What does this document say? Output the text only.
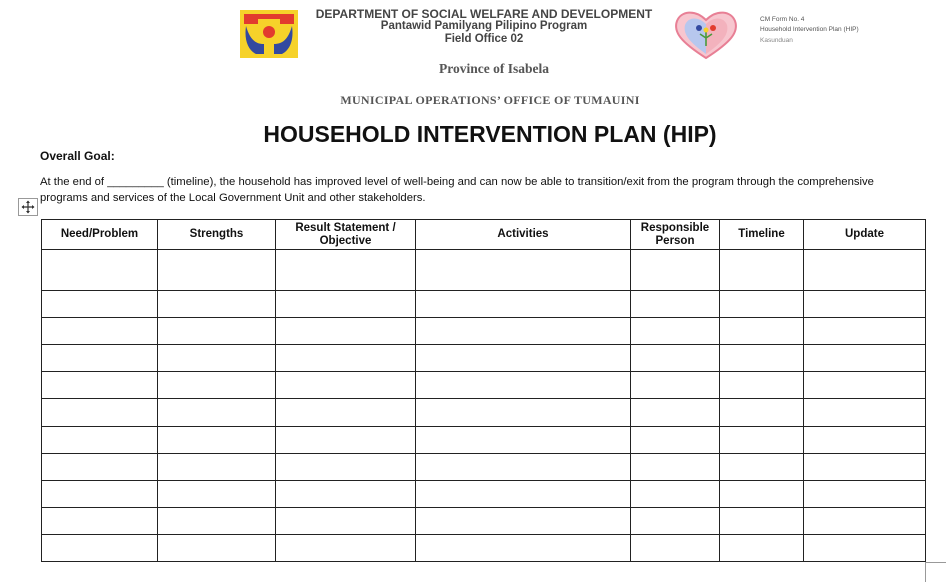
DEPARTMENT OF SOCIAL WELFARE AND DEVELOPMENT
Pantawid Pamilyang Pilipino Program
Field Office 02
CM Form No. 4
Household Intervention Plan (HIP)
Kasunduan
Province of Isabela
MUNICIPAL OPERATIONS’ OFFICE OF TUMAUINI
HOUSEHOLD INTERVENTION PLAN (HIP)
Overall Goal:
At the end of _________ (timeline), the household has improved level of well-being and can now be able to transition/exit from the program through the comprehensive
programs and services of the Local Government Unit and other stakeholders.
Need/Problem	Strengths	Result Statement / Objective	Activities	Responsible Person	Timeline	Update
